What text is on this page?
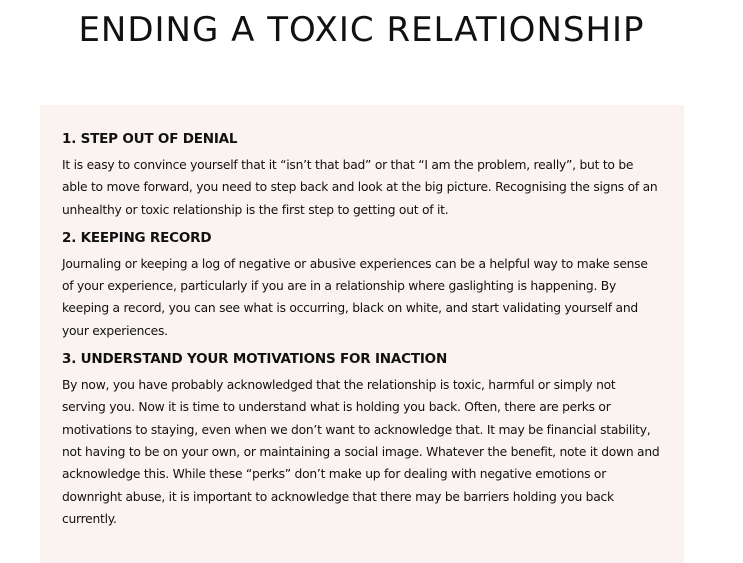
ENDING A TOXIC RELATIONSHIP
1. STEP OUT OF DENIAL

It is easy to convince yourself that it “isn’t that bad” or that “I am the problem, really”, but to be able to move forward, you need to step back and look at the big picture. Recognising the signs of an unhealthy or toxic relationship is the first step to getting out of it.

2. KEEPING RECORD

Journaling or keeping a log of negative or abusive experiences can be a helpful way to make sense of your experience, particularly if you are in a relationship where gaslighting is happening. By keeping a record, you can see what is occurring, black on white, and start validating yourself and your experiences.

3. UNDERSTAND YOUR MOTIVATIONS FOR INACTION

By now, you have probably acknowledged that the relationship is toxic, harmful or simply not serving you. Now it is time to understand what is holding you back. Often, there are perks or motivations to staying, even when we don’t want to acknowledge that. It may be financial stability, not having to be on your own, or maintaining a social image. Whatever the benefit, note it down and acknowledge this. While these “perks” don’t make up for dealing with negative emotions or downright abuse, it is important to acknowledge that there may be barriers holding you back currently.
